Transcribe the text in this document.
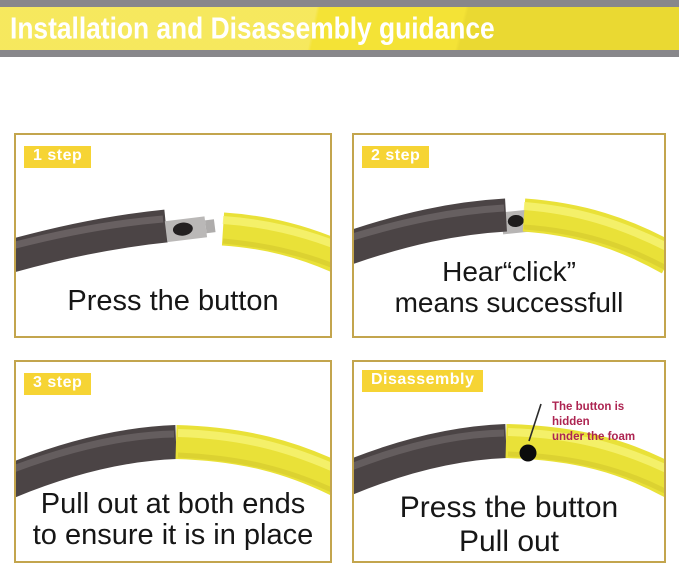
Installation and Disassembly guidance
1 step
Press the button
2 step
Hear“click”
means successfull
3 step
Pull out at both ends
to ensure it is in place
Disassembly
The button is hidden
under the foam
Press the button
Pull out
